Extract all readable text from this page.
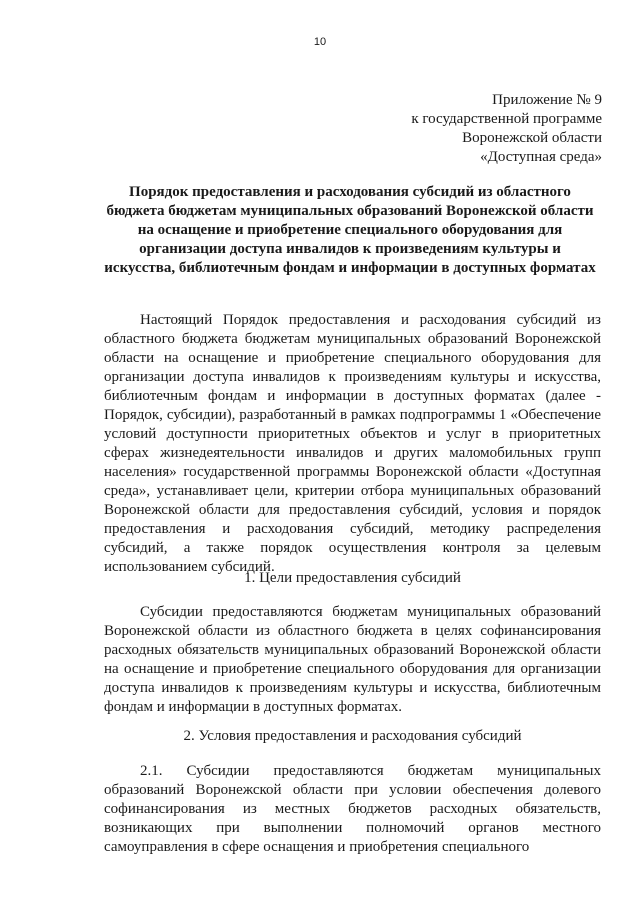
10
Приложение № 9
к государственной программе
Воронежской области
«Доступная среда»
Порядок предоставления и расходования субсидий из областного бюджета бюджетам муниципальных образований Воронежской области на оснащение и приобретение специального оборудования для организации доступа инвалидов к произведениям культуры и искусства, библиотечным фондам и информации в доступных форматах

Настоящий Порядок предоставления и расходования субсидий из областного бюджета бюджетам муниципальных образований Воронежской области на оснащение и приобретение специального оборудования для организации доступа инвалидов к произведениям культуры и искусства, библиотечным фондам и информации в доступных форматах (далее - Порядок, субсидии), разработанный в рамках подпрограммы 1 «Обеспечение условий доступности приоритетных объектов и услуг в приоритетных сферах жизнедеятельности инвалидов и других маломобильных групп населения» государственной программы Воронежской области «Доступная среда», устанавливает цели, критерии отбора муниципальных образований Воронежской области для предоставления субсидий, условия и порядок предоставления и расходования субсидий, методику распределения субсидий, а также порядок осуществления контроля за целевым использованием субсидий.

1. Цели предоставления субсидий

Субсидии предоставляются бюджетам муниципальных образований Воронежской области из областного бюджета в целях софинансирования расходных обязательств муниципальных образований Воронежской области на оснащение и приобретение специального оборудования для организации доступа инвалидов к произведениям культуры и искусства, библиотечным фондам и информации в доступных форматах.

2. Условия предоставления и расходования субсидий

2.1. Субсидии предоставляются бюджетам муниципальных образований Воронежской области при условии обеспечения долевого софинансирования из местных бюджетов расходных обязательств, возникающих при выполнении полномочий органов местного самоуправления в сфере оснащения и приобретения специального
